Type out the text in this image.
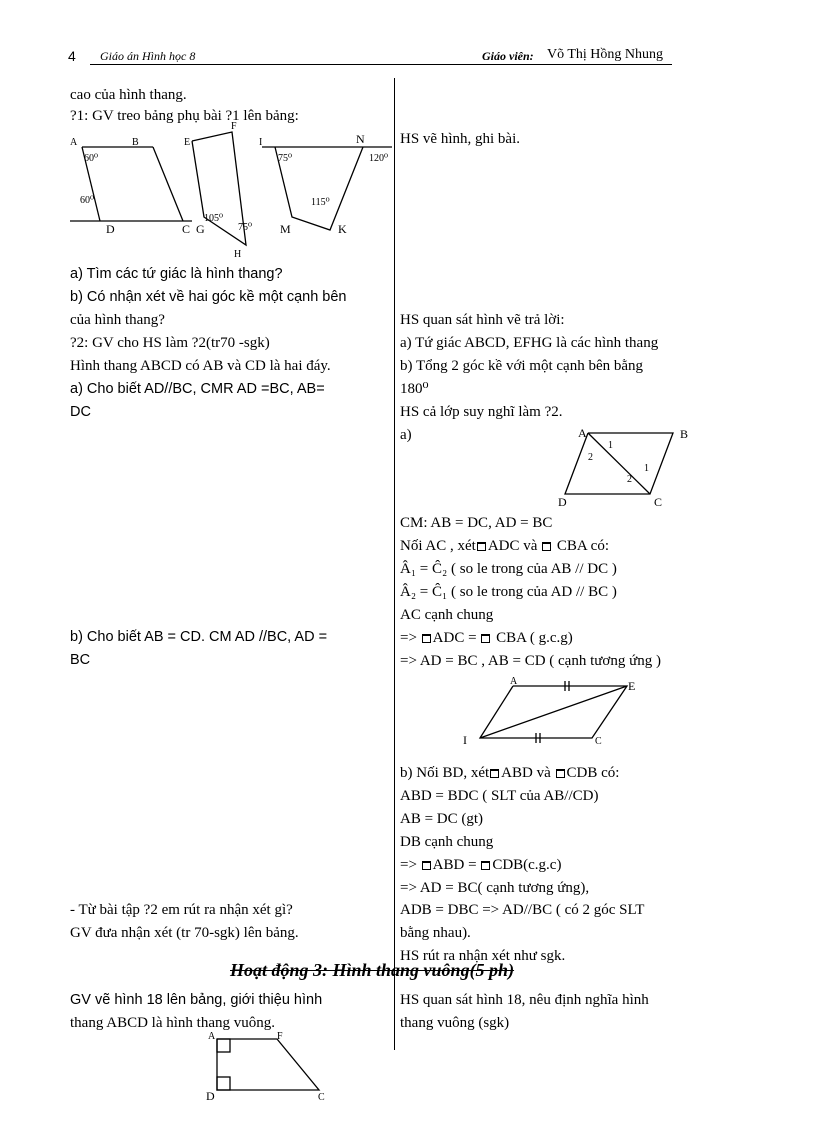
4 Giáo án Hình học 8	Giáo viên: Võ Thị Hồng Nhung
cao của hình thang.
?1: GV treo bảng phụ bài ?1 lên bảng:
A	B
C
D
E
F
G
H
I	N
M	K
60⁰
60⁰
105⁰
75⁰
75⁰	120⁰
115⁰
a) Tìm các tứ giác là hình thang?
b) Có nhận xét về hai góc kề một cạnh bên
của hình thang?
?2: GV cho HS làm ?2(tr70 -sgk)
Hình thang ABCD có AB và CD là hai đáy.
a) Cho biết AD//BC, CMR AD =BC, AB=
DC
b) Cho biết AB = CD. CM AD //BC, AD =
BC
- Từ bài tập ?2 em rút ra nhận xét gì?
GV đưa nhận xét (tr 70-sgk) lên bảng.
Hoạt động 3: Hình thang vuông(5 ph)
GV vẽ hình 18 lên bảng, giới thiệu hình
thang ABCD là hình thang vuông.
A	F
C
D
HS vẽ hình, ghi bài.
HS quan sát hình vẽ trả lời:
a) Tứ giác ABCD, EFHG là các hình thang
b) Tổng 2 góc kề với một cạnh bên bằng
180⁰
HS cả lớp suy nghĩ làm ?2.
a)	A	B
C
D
1
2
1
2
CM: AB = DC, AD = BC
Nối AC , xét ADC và CBA có:
Â₁ = Ĉ₂ ( so le trong của AB // DC )
Â₂ = Ĉ₁ ( so le trong của AD // BC )
AC cạnh chung
=> ADC = CBA ( g.c.g)
=> AD = BC , AB = CD ( cạnh tương ứng )
A	E
C
I
b) Nối BD, xét ABD và CDB có:
ABD = BDC ( SLT của AB//CD)
AB = DC (gt)
DB cạnh chung
=> ABD = CDB(c.g.c)
=> AD = BC( cạnh tương ứng),
ADB = DBC => AD//BC ( có 2 góc SLT
bằng nhau).
HS rút ra nhận xét như sgk.
HS quan sát hình 18, nêu định nghĩa hình
thang vuông (sgk)
